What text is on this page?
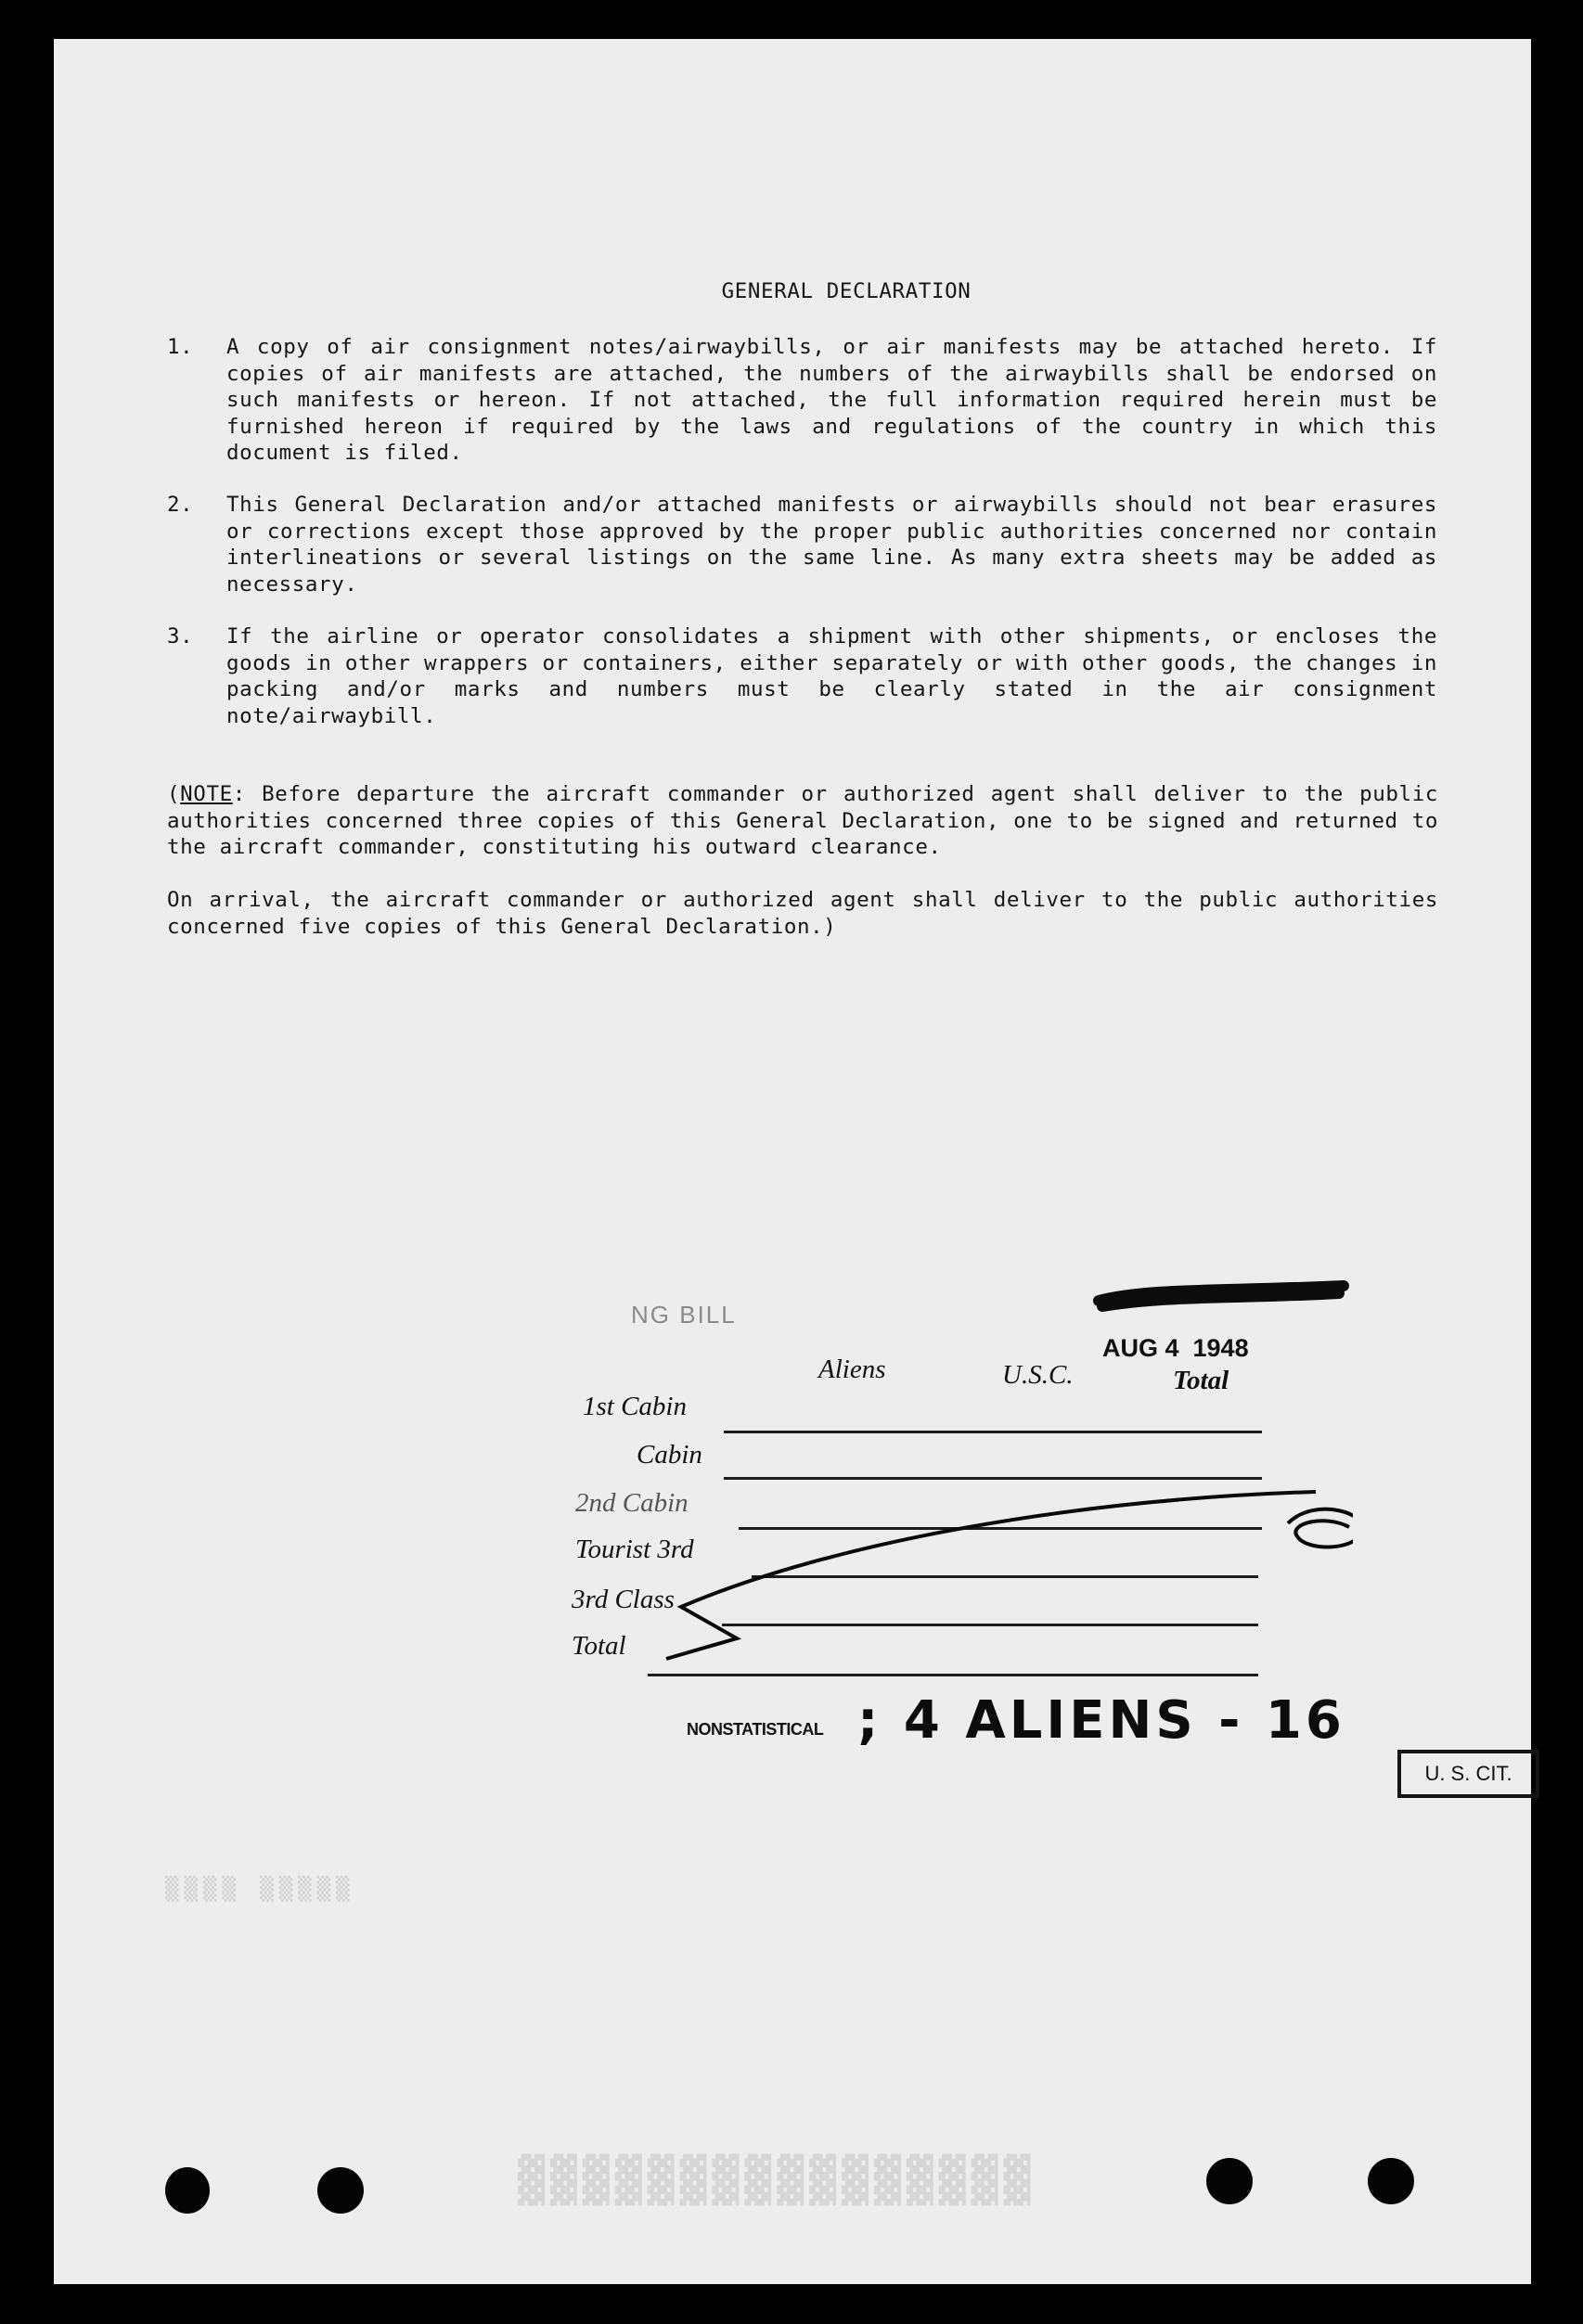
▒▒▒▒ ▒▒▒▒▒
▓▓▓▓▓▓▓▓▓▓▓▓▓▓▓▓
GENERAL DECLARATION
1.	A copy of air consignment notes/airwaybills, or air manifests may be attached hereto. If copies of air manifests are attached, the numbers of the airwaybills shall be endorsed on such manifests or hereon. If not attached, the full information required herein must be furnished hereon if required by the laws and regulations of the country in which this document is filed.
2.	This General Declaration and/or attached manifests or airwaybills should not bear erasures or corrections except those approved by the proper public authorities concerned nor contain interlineations or several listings on the same line. As many extra sheets may be added as necessary.
3.	If the airline or operator consolidates a shipment with other shipments, or encloses the goods in other wrappers or containers, either separately or with other goods, the changes in packing and/or marks and numbers must be clearly stated in the air consignment note/airwaybill.
(NOTE: Before departure the aircraft commander or authorized agent shall deliver to the public authorities concerned three copies of this General Declaration, one to be signed and returned to the aircraft commander, constituting his outward clearance.
On arrival, the aircraft commander or authorized agent shall deliver to the public authorities concerned five copies of this General Declaration.)
NG BILL
AUG 4  1948
Aliens	U.S.C.	Total
1st Cabin
Cabin
2nd Cabin
Tourist 3rd
3rd Class
Total
NONSTATISTICAL ; 4 ALIENS - 16
U. S. CIT.
